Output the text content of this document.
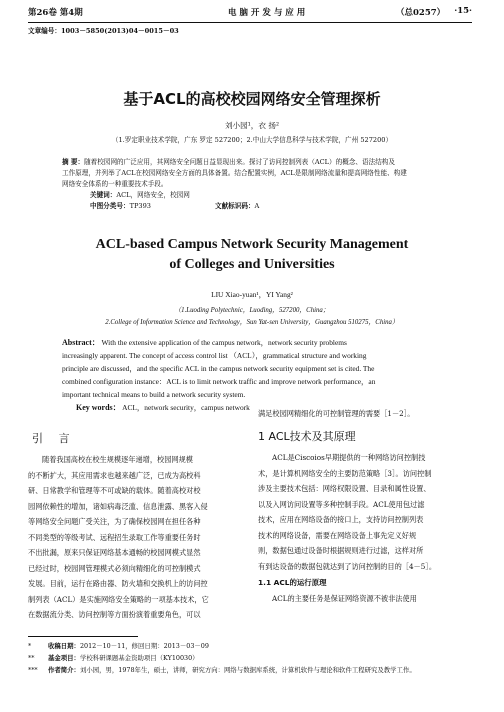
第26卷 第4期	电 脑 开 发 与 应 用	（总0257） ·15·
文章编号：1003－5850(2013)04－0015－03
基于ACL的高校校园网络安全管理探析
刘小园¹，衣 扬²
（1.罗定职业技术学院，广东 罗定 527200；2.中山大学信息科学与技术学院，广州 527200）
摘 要：随着校园网的广泛应用，其网络安全问题日益显现出来。探讨了访问控制列表（ACL）的概念、语法结构及
工作原理，并列举了ACL在校园网络安全方面的具体备置。结合配置实例，ACL是限制网络流量和提高网络性能、构建
网络安全体系的一种重要技术手段。
关键词：ACL，网络安全，校园网
中图分类号：TP393	文献标识码：A
ACL-based Campus Network Security Management
of Colleges and Universities
LIU Xiao-yuan¹，YI Yang²
（1.Luoding Polytechnic，Luoding，527200，China；
2.College of Information Science and Technology，Sun Yat-sen University，Guangzhou 510275，China）
Abstract： With the extensive application of the campus network，network security problems
increasingly apparent. The concept of access control list （ACL），grammatical structure and working
principle are discussed，and the specific ACL in the campus network security equipment set is cited. The
combined configuration instance：ACL is to limit network traffic and improve network performance，an
important technical means to build a network security system.
Key words： ACL，network security，campus network
引 言

随着我国高校在校生规模逐年递增，校园网规模

的不断扩大，其应用需求也越来越广泛，已成为高校科

研、日常教学和管理等不可或缺的载体。随着高校对校

园网依赖性的增加，诸如病毒泛滥、信息泄露、黑客入侵

等网络安全问题广受关注，为了确保校园网在担任各种

不同类型的等级考试、远程招生录取工作等重要任务时

不出批漏，原来只保证网络基本通畅的校园网模式显然

已经过时，校园网管理模式必须向精细化的可控制模式

发展。目前，运行在路由器、防火墙和交换机上的访问控

制列表（ACL）是实施网络安全策略的一项基本技术，它

在数据流分类、访问控制等方面扮演着重要角色，可以

满足校园网精细化的可控制管理的需要［1－2］。

1 ACL技术及其原理

ACL是Ciscoios早期提供的一种网络访问控制技

术，是计算机网络安全的主要防范策略［3］。访问控制

涉及主要技术包括：网络权限设置、目录和属性设置、

以及入网访问设置等多种控制手段。ACL使用包过滤

技术，应用在网络设备的接口上，支持访问控制列表

技术的网络设备，需要在网络设备上事先定义好规

则，数据包通过设备时根据规则进行过滤，这样对所

有到达设备的数据包就达到了访问控制的目的［4－5］。

1.1 ACL的运行原理

ACL的主要任务是保证网络资源不被非法使用

*	收稿日期：2012－10－11，修回日期：2013－03－09
** 基金项目：学校科研课题基金资助项目（KY10030）
*** 作者简介：刘小园，男，1978年生，硕士，讲师，研究方向：网络与数据库系统，计算机软件与理论和软件工程研究及教学工作。
